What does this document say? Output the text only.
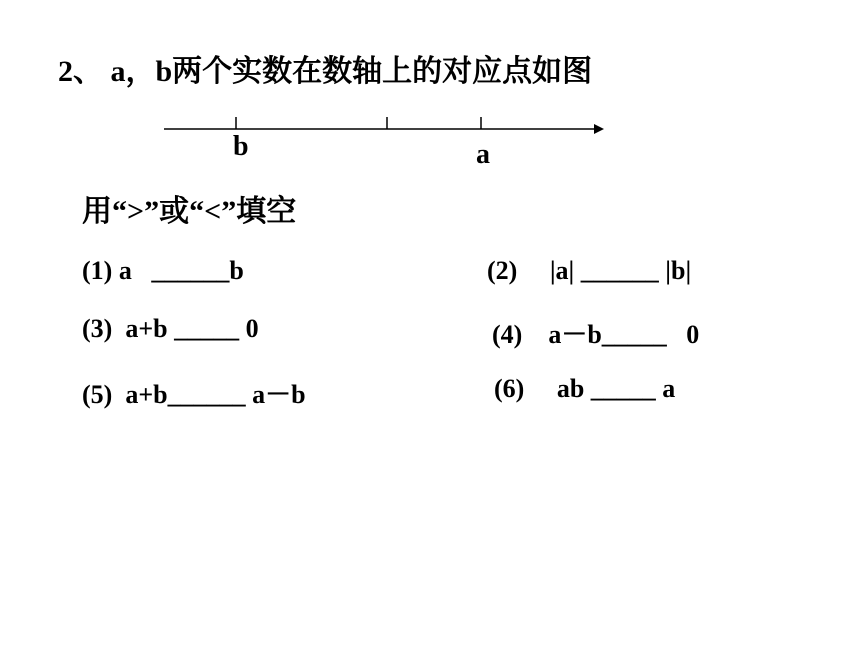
2、 a，b两个实数在数轴上的对应点如图
b	a
用“>”或“<”填空
(1) a   ______b	(2)     |a| ______ |b|
(3)  a+b _____ 0	(4)    a－b_____   0
(5)  a+b______ a－b	(6)     ab _____ a
